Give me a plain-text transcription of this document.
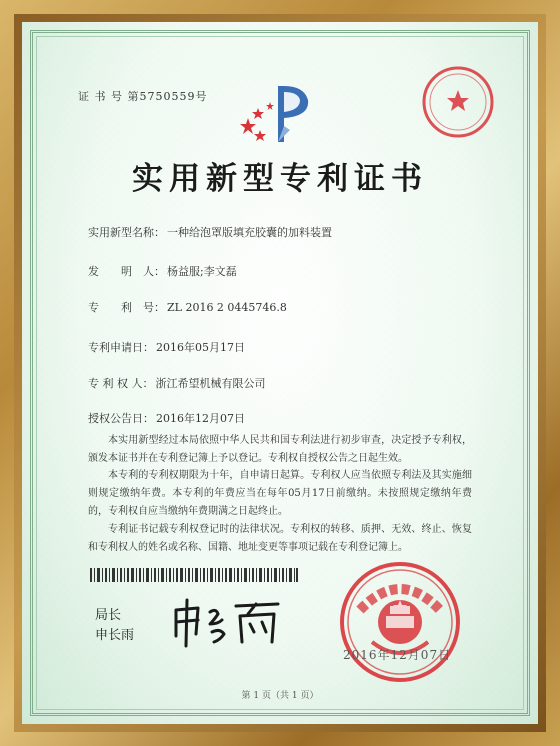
证 书 号 第5750559号
实用新型专利证书
实用新型名称： 一种给泡罩版填充胶囊的加料装置
发　　明　人： 杨益服;李文磊
专　　利　号： ZL 2016 2 0445746.8
专利申请日： 2016年05月17日
专 利 权 人： 浙江希望机械有限公司
授权公告日： 2016年12月07日
本实用新型经过本局依照中华人民共和国专利法进行初步审查，决定授予专利权，颁发本证书并在专利登记簿上予以登记。专利权自授权公告之日起生效。
本专利的专利权期限为十年，自申请日起算。专利权人应当依照专利法及其实施细则规定缴纳年费。本专利的年费应当在每年05月17日前缴纳。未按照规定缴纳年费的，专利权自应当缴纳年费期满之日起终止。
专利证书记载专利权登记时的法律状况。专利权的转移、质押、无效、终止、恢复和专利权人的姓名或名称、国籍、地址变更等事项记载在专利登记簿上。
局长
申长雨
2016年12月07日
第 1 页（共 1 页）
